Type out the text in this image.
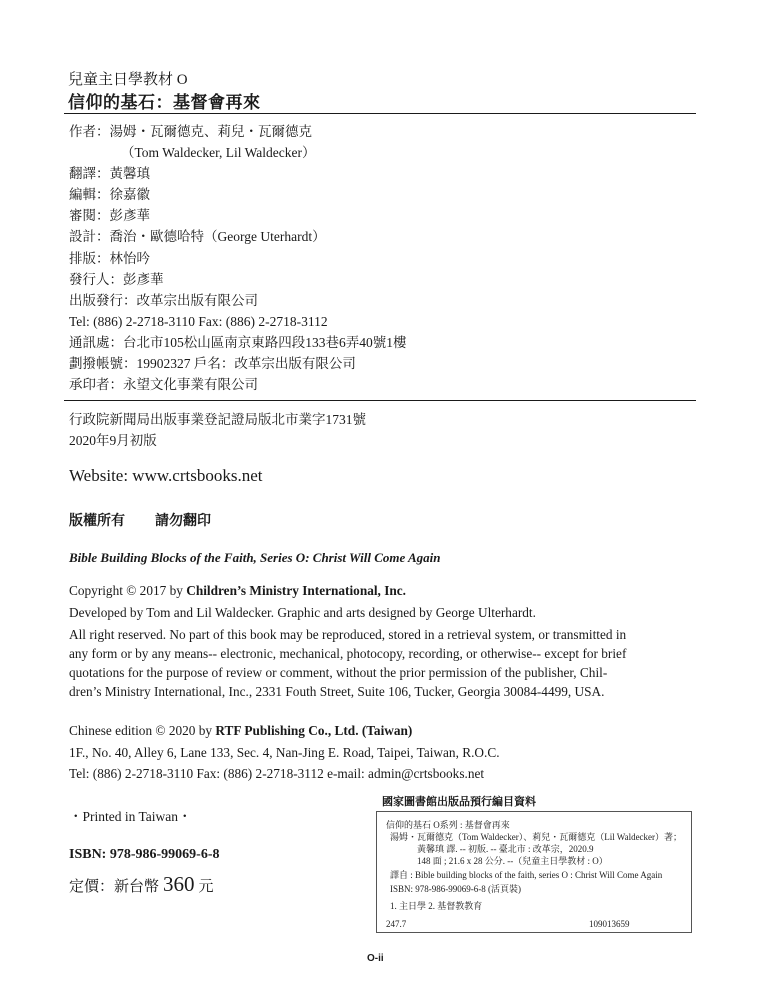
兒童主日學教材 O
信仰的基石：基督會再來
作者：湯姆・瓦爾德克、莉兒・瓦爾德克
（Tom Waldecker, Lil Waldecker）
翻譯：黃馨瑱
編輯：徐嘉徽
審閱：彭彥華
設計：喬治・歐德哈特（George Uterhardt）
排版：林怡吟
發行人：彭彥華
出版發行：改革宗出版有限公司
Tel: (886) 2-2718-3110 Fax: (886) 2-2718-3112
通訊處：台北市105松山區南京東路四段133巷6弄40號1樓
劃撥帳號：19902327 戶名：改革宗出版有限公司
承印者：永望文化事業有限公司
行政院新聞局出版事業登記證局版北市業字1731號
2020年9月初版
Website: www.crtsbooks.net
版權所有 請勿翻印
Bible Building Blocks of the Faith, Series O: Christ Will Come Again
Copyright © 2017 by Children’s Ministry International, Inc.
Developed by Tom and Lil Waldecker. Graphic and arts designed by George Ulterhardt.
All right reserved. No part of this book may be reproduced, stored in a retrieval system, or transmitted in
any form or by any means-- electronic, mechanical, photocopy, recording, or otherwise-- except for brief
quotations for the purpose of review or comment, without the prior permission of the publisher, Chil-
dren’s Ministry International, Inc., 2331 Fouth Street, Suite 106, Tucker, Georgia 30084-4499, USA.
Chinese edition © 2020 by RTF Publishing Co., Ltd. (Taiwan)
1F., No. 40, Alley 6, Lane 133, Sec. 4, Nan-Jing E. Road, Taipei, Taiwan, R.O.C.
Tel: (886) 2-2718-3110 Fax: (886) 2-2718-3112 e-mail: admin@crtsbooks.net
・Printed in Taiwan・
ISBN: 978-986-99069-6-8
定價：新台幣 360 元
國家圖書館出版品預行編目資料
信仰的基石 O系列 : 基督會再來
湯姆・瓦爾德克（Tom Waldecker）、莉兒・瓦爾德克（Lil Waldecker）著；
黃馨瑱 譯. -- 初版. -- 臺北市 : 改革宗，2020.9
148 面 ; 21.6 x 28 公分. --（兒童主日學教材 : O）
譯自 : Bible building blocks of the faith, series O : Christ Will Come Again
ISBN: 978-986-99069-6-8 (活頁裝)
1. 主日學 2. 基督教教育
247.7	109013659
O-ii
